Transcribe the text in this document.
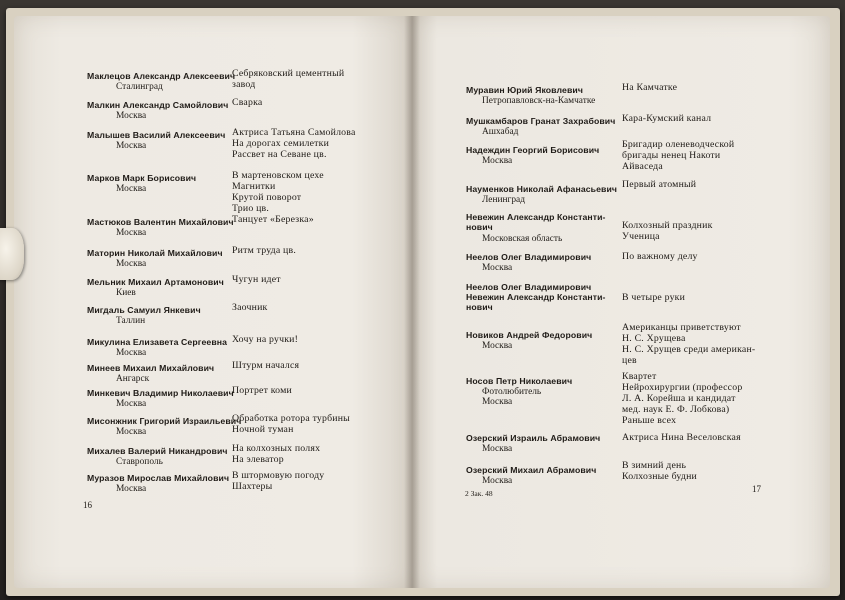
Маклецов Александр Алексеевич
Сталинград
Себряковский цементный
завод
Малкин Александр Самойлович
Москва
Сварка
Малышев Василий Алексеевич
Москва
Актриса Татьяна Самойлова
На дорогах семилетки
Рассвет на Севане цв.
Марков Марк Борисович
Москва
В мартеновском цехе
Магнитки
Крутой поворот
Трио цв.
Мастюков Валентин Михайлович
Москва
Танцует «Березка»
Маторин Николай Михайлович
Москва
Ритм труда цв.
Мельник Михаил Артамонович
Киев
Чугун идет
Мигдаль Самуил Янкевич
Таллин
Заочник
Микулина Елизавета Сергеевна
Москва
Хочу на ручки!
Минеев Михаил Михайлович
Ангарск
Штурм начался
Минкевич Владимир Николаевич
Москва
Портрет коми
Мисонжник Григорий Израильевич
Москва
Обработка ротора турбины
Ночной туман
Михалев Валерий Никандрович
Ставрополь
На колхозных полях
На элеватор
Муразов Мирослав Михайлович
Москва
В штормовую погоду
Шахтеры
16
Муравин Юрий Яковлевич
Петропавловск-на-Камчатке
На Камчатке
Мушкамбаров Гранат Захрабович
Ашхабад
Кара-Кумский канал
Надеждин Георгий Борисович
Москва
Бригадир оленеводческой
бригады ненец Накоти
Айвaседа
Науменков Николай Афанасьевич
Ленинград
Первый атомный
Невежин Александр Константи-
нович
Московская область
Колхозный праздник
Ученица
Неелов Олег Владимирович
Москва
По важному делу
Неелов Олег Владимирович
Невежин Александр Константи-
нович
В четыре руки
Новиков Андрей Федорович
Москва
Американцы приветствуют
Н. С. Хрущева
Н. С. Хрущев среди американ-
цев
Носов Петр Николаевич
Фотолюбитель
Москва
Квартет
Нейрохирургии (профессор
Л. А. Корейша и кандидат
мед. наук Е. Ф. Лобкова)
Раньше всех
Озерский Израиль Абрамович
Москва
Актриса Нина Веселовская
Озерский Михаил Абрамович
Москва
В зимний день
Колхозные будни
2 Зак. 48	17
